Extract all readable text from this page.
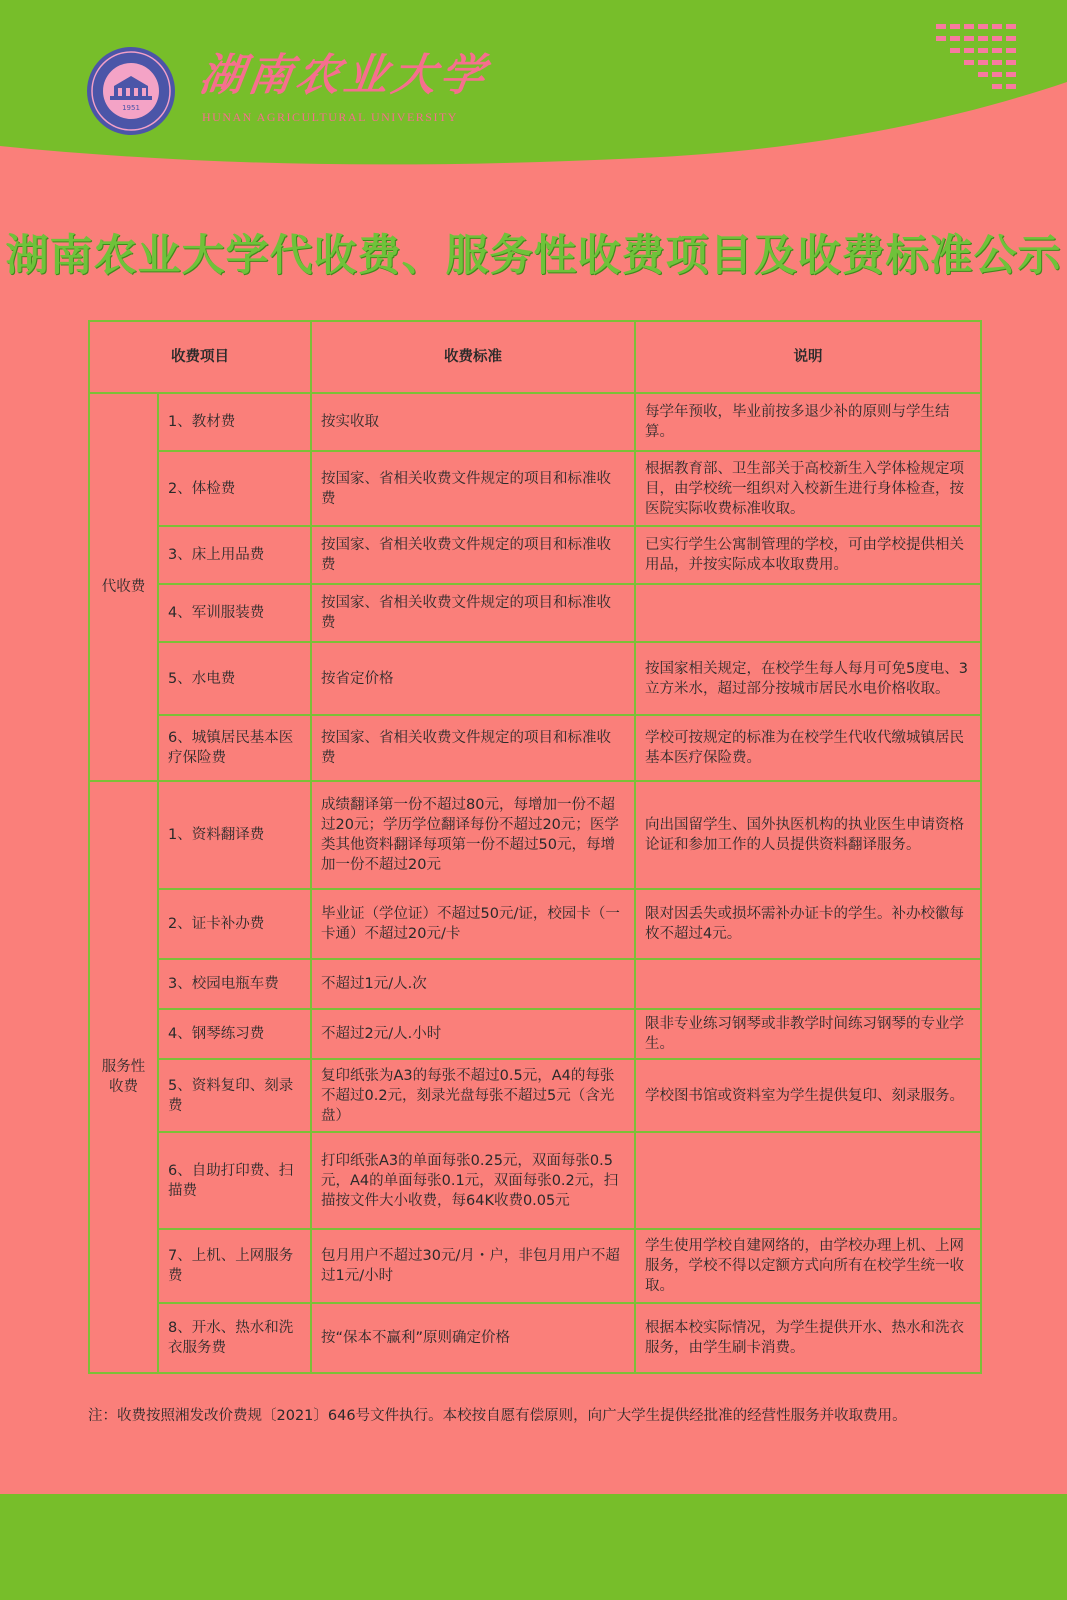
1951
湖南农业大学
HUNAN AGRICULTURAL UNIVERSITY
湖南农业大学代收费、服务性收费项目及收费标准公示
收费项目		收费标准	说明
代收费	1、教材费	按实收取	每学年预收，毕业前按多退少补的原则与学生结算。
	2、体检费	按国家、省相关收费文件规定的项目和标准收费	根据教育部、卫生部关于高校新生入学体检规定项目，由学校统一组织对入校新生进行身体检查，按医院实际收费标准收取。
	3、床上用品费	按国家、省相关收费文件规定的项目和标准收费	已实行学生公寓制管理的学校，可由学校提供相关用品，并按实际成本收取费用。
	4、军训服装费	按国家、省相关收费文件规定的项目和标准收费	
	5、水电费	按省定价格	按国家相关规定，在校学生每人每月可免5度电、3立方米水，超过部分按城市居民水电价格收取。
	6、城镇居民基本医疗保险费	按国家、省相关收费文件规定的项目和标准收费	学校可按规定的标准为在校学生代收代缴城镇居民基本医疗保险费。
服务性收费	1、资料翻译费	成绩翻译第一份不超过80元，每增加一份不超过20元；学历学位翻译每份不超过20元；医学类其他资料翻译每项第一份不超过50元，每增加一份不超过20元	向出国留学生、国外执医机构的执业医生申请资格论证和参加工作的人员提供资料翻译服务。
	2、证卡补办费	毕业证（学位证）不超过50元/证，校园卡（一卡通）不超过20元/卡	限对因丢失或损坏需补办证卡的学生。补办校徽每枚不超过4元。
	3、校园电瓶车费	不超过1元/人.次	
	4、钢琴练习费	不超过2元/人.小时	限非专业练习钢琴或非教学时间练习钢琴的专业学生。
	5、资料复印、刻录费	复印纸张为A3的每张不超过0.5元，A4的每张不超过0.2元，刻录光盘每张不超过5元（含光盘）	学校图书馆或资料室为学生提供复印、刻录服务。
	6、自助打印费、扫描费	打印纸张A3的单面每张0.25元，双面每张0.5元，A4的单面每张0.1元，双面每张0.2元，扫描按文件大小收费，每64K收费0.05元	
	7、上机、上网服务费	包月用户不超过30元/月・户，非包月用户不超过1元/小时	学生使用学校自建网络的，由学校办理上机、上网服务，学校不得以定额方式向所有在校学生统一收取。
	8、开水、热水和洗衣服务费	按“保本不赢利”原则确定价格	根据本校实际情况，为学生提供开水、热水和洗衣服务，由学生刷卡消费。
注：收费按照湘发改价费规〔2021〕646号文件执行。本校按自愿有偿原则，向广大学生提供经批准的经营性服务并收取费用。
